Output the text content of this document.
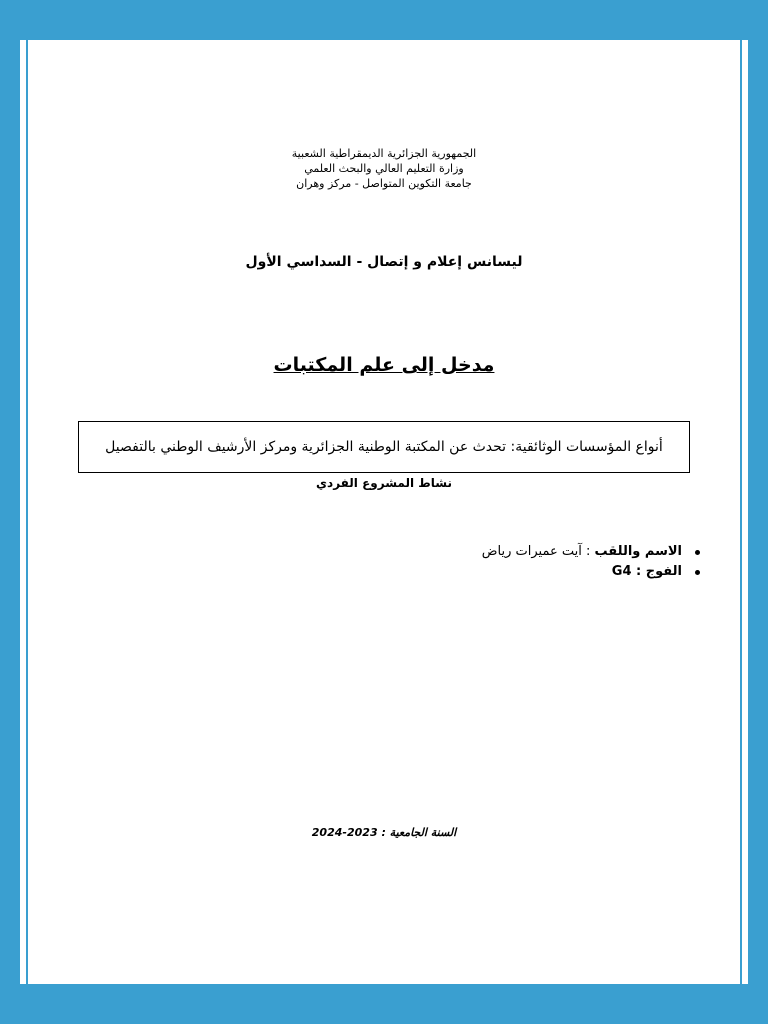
الجمهورية الجزائرية الديمقراطية الشعبية
وزارة التعليم العالي والبحث العلمي
جامعة التكوين المتواصل - مركز وهران
ليسانس إعلام و إتصال - السداسي الأول
مدخل إلى علم المكتبات
أنواع المؤسسات الوثائقية: تحدث عن المكتبة الوطنية الجزائرية ومركز الأرشيف الوطني بالتفصيل
نشاط المشروع الفردي
الاسم واللقب : آيت عميرات رياض
الفوج : G4
السنة الجامعية : 2023-2024
